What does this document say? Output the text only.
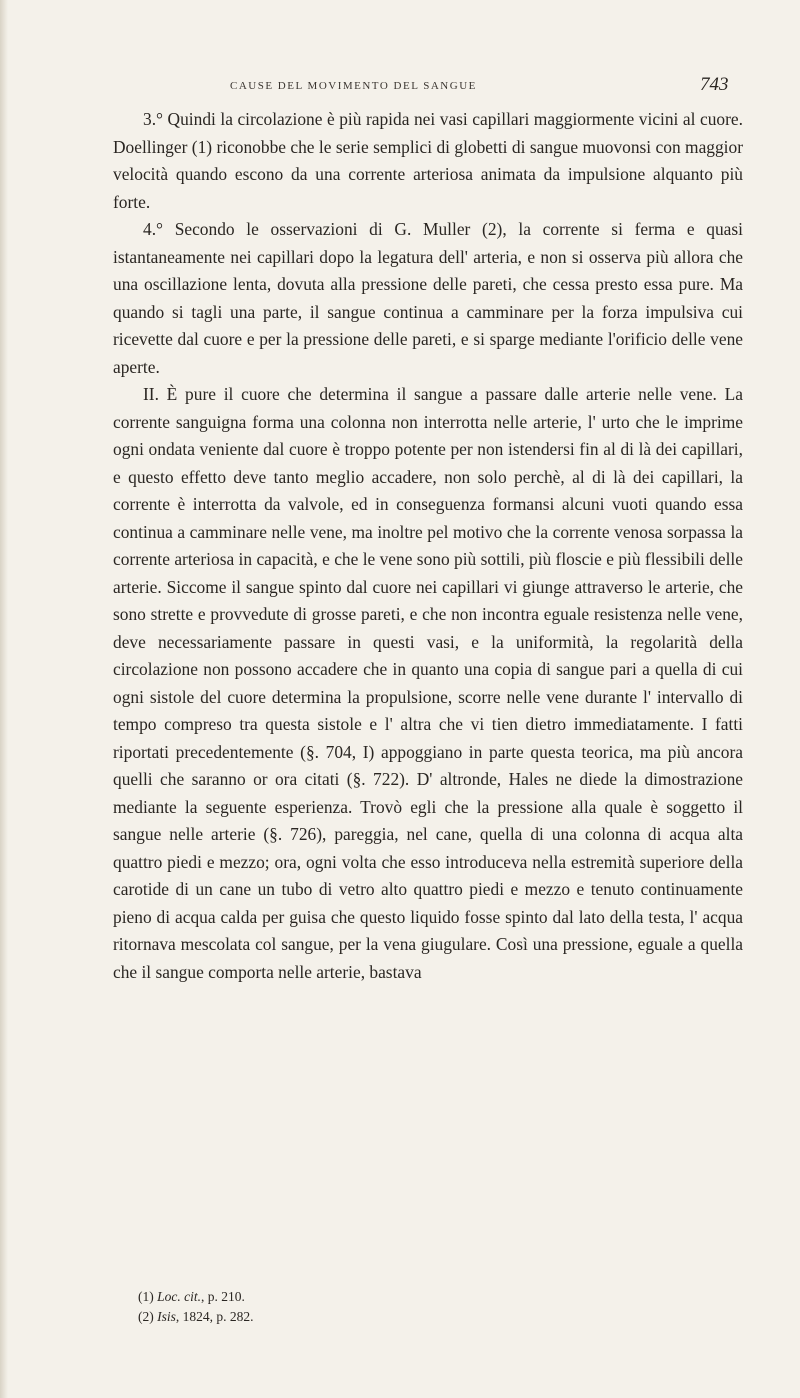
CAUSE DEL MOVIMENTO DEL SANGUE	743

3.° Quindi la circolazione è più rapida nei vasi capillari maggiormente vicini al cuore. Doellinger (1) riconobbe che le serie semplici di globetti di sangue muovonsi con maggior velocità quando escono da una corrente arteriosa animata da impulsione alquanto più forte.

4.° Secondo le osservazioni di G. Muller (2), la corrente si ferma e quasi istantaneamente nei capillari dopo la legatura dell' arteria, e non si osserva più allora che una oscillazione lenta, dovuta alla pressione delle pareti, che cessa presto essa pure. Ma quando si tagli una parte, il sangue continua a camminare per la forza impulsiva cui ricevette dal cuore e per la pressione delle pareti, e si sparge mediante l'orificio delle vene aperte.

II. È pure il cuore che determina il sangue a passare dalle arterie nelle vene. La corrente sanguigna forma una colonna non interrotta nelle arterie, l' urto che le imprime ogni ondata veniente dal cuore è troppo potente per non istendersi fin al di là dei capillari, e questo effetto deve tanto meglio accadere, non solo perchè, al di là dei capillari, la corrente è interrotta da valvole, ed in conseguenza formansi alcuni vuoti quando essa continua a camminare nelle vene, ma inoltre pel motivo che la corrente venosa sorpassa la corrente arteriosa in capacità, e che le vene sono più sottili, più floscie e più flessibili delle arterie. Siccome il sangue spinto dal cuore nei capillari vi giunge attraverso le arterie, che sono strette e provvedute di grosse pareti, e che non incontra eguale resistenza nelle vene, deve necessariamente passare in questi vasi, e la uniformità, la regolarità della circolazione non possono accadere che in quanto una copia di sangue pari a quella di cui ogni sistole del cuore determina la propulsione, scorre nelle vene durante l' intervallo di tempo compreso tra questa sistole e l' altra che vi tien dietro immediatamente. I fatti riportati precedentemente (§. 704, I) appoggiano in parte questa teorica, ma più ancora quelli che saranno or ora citati (§. 722). D' altronde, Hales ne diede la dimostrazione mediante la seguente esperienza. Trovò egli che la pressione alla quale è soggetto il sangue nelle arterie (§. 726), pareggia, nel cane, quella di una colonna di acqua alta quattro piedi e mezzo; ora, ogni volta che esso introduceva nella estremità superiore della carotide di un cane un tubo di vetro alto quattro piedi e mezzo e tenuto continuamente pieno di acqua calda per guisa che questo liquido fosse spinto dal lato della testa, l' acqua ritornava mescolata col sangue, per la vena giugulare. Così una pressione, eguale a quella che il sangue comporta nelle arterie, bastava

(1) Loc. cit., p. 210.
(2) Isis, 1824, p. 282.
